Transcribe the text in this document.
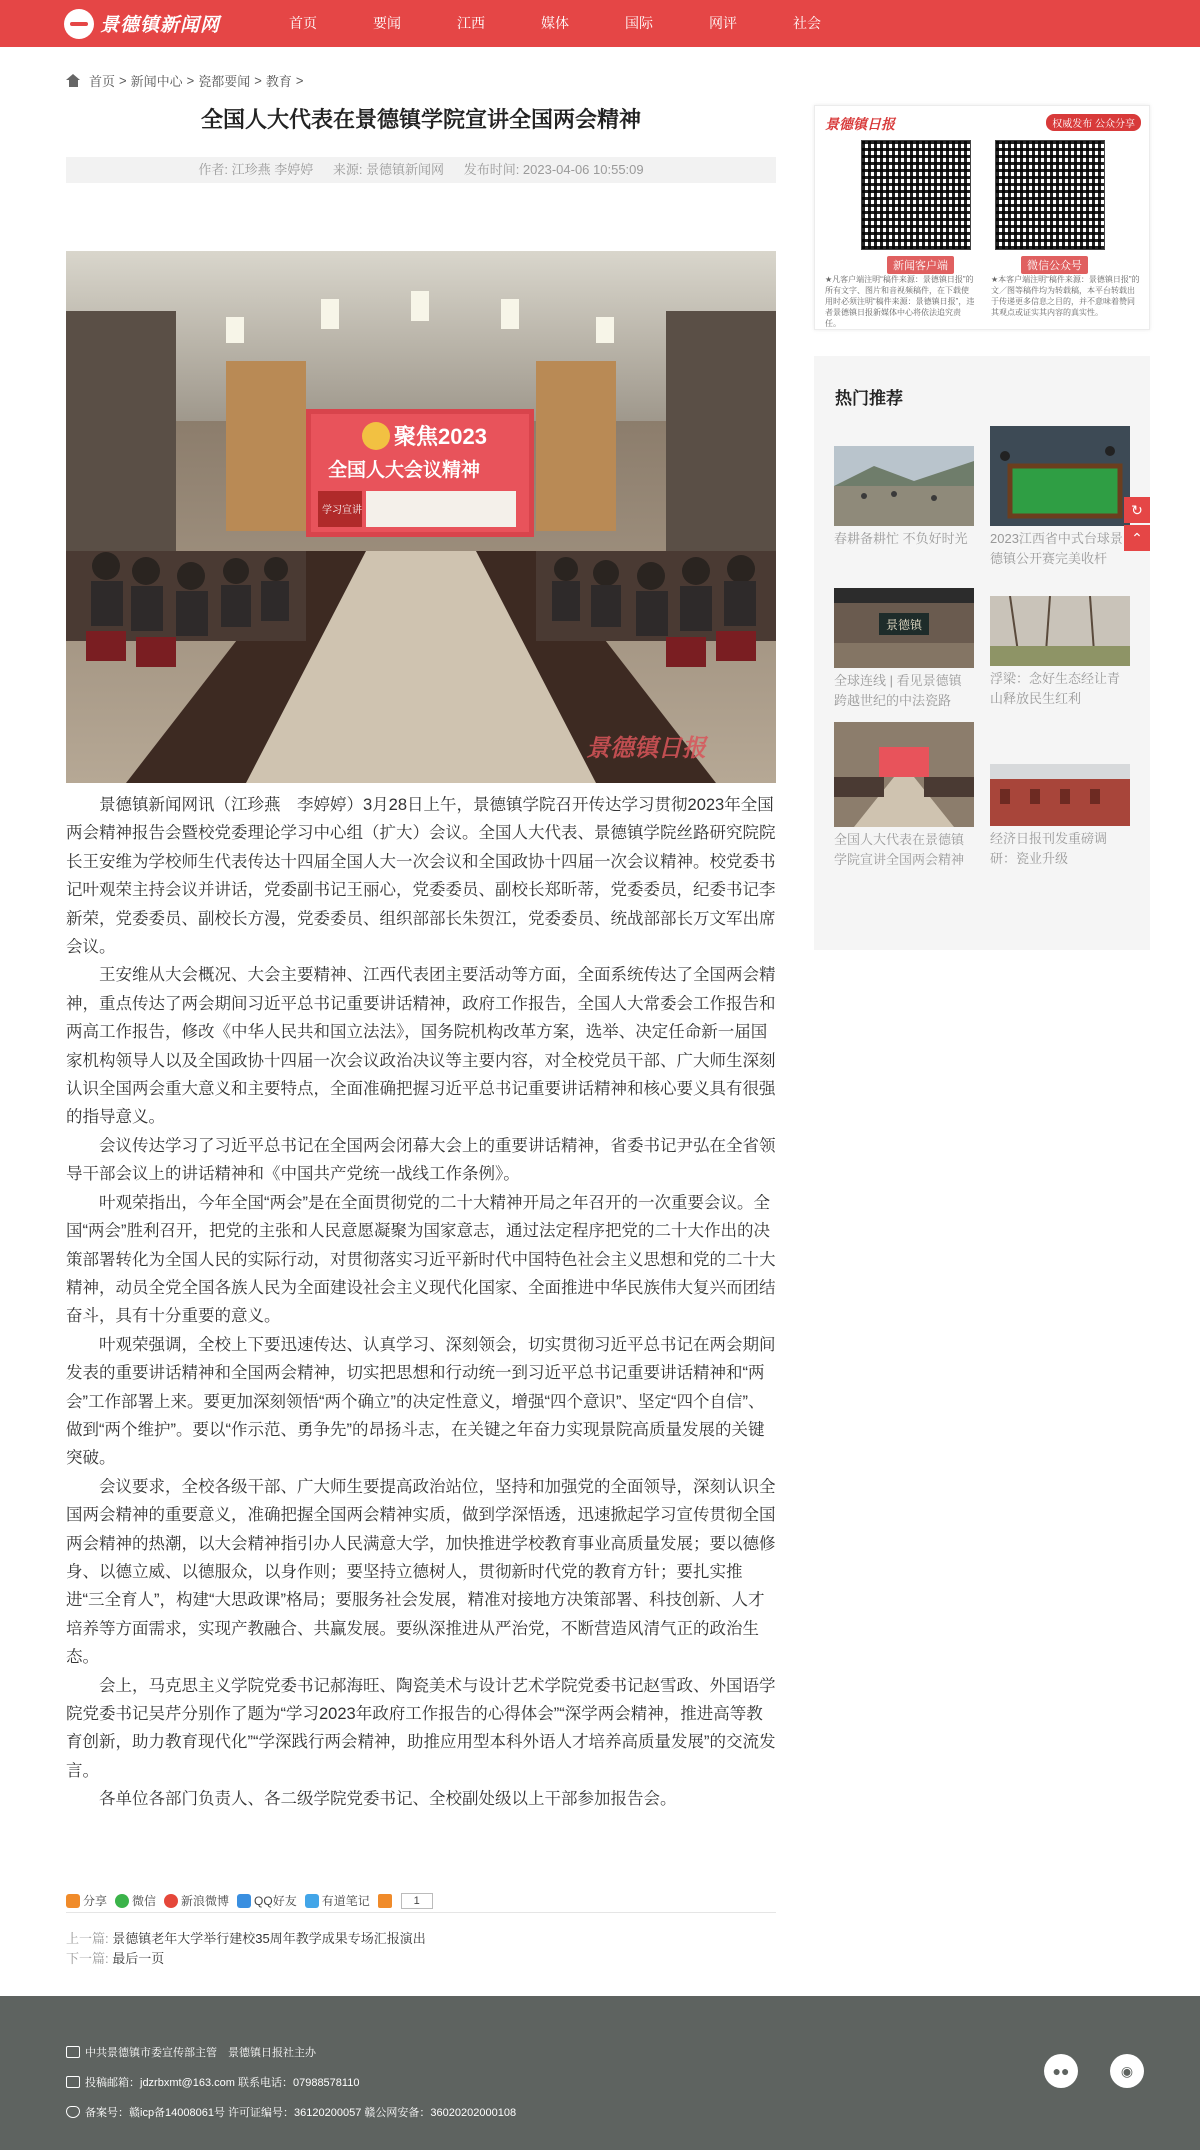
景德镇新闻网	首页	要闻	江西	媒体	国际	网评	社会
首页 > 新闻中心 > 瓷都要闻 > 教育 >
全国人大代表在景德镇学院宣讲全国两会精神
作者: 江珍燕 李婷婷 来源: 景德镇新闻网 发布时间: 2023-04-06 10:55:09
聚焦2023
全国人大会议精神
学习宣讲
景德镇日报

景德镇新闻网讯（江珍燕　李婷婷）3月28日上午，景德镇学院召开传达学习贯彻2023年全国两会精神报告会暨校党委理论学习中心组（扩大）会议。全国人大代表、景德镇学院丝路研究院院长王安维为学校师生代表传达十四届全国人大一次会议和全国政协十四届一次会议精神。校党委书记叶观荣主持会议并讲话，党委副书记王丽心，党委委员、副校长郑昕蒂，党委委员，纪委书记李新荣，党委委员、副校长方漫，党委委员、组织部部长朱贺江，党委委员、统战部部长万文军出席会议。

王安维从大会概况、大会主要精神、江西代表团主要活动等方面，全面系统传达了全国两会精神，重点传达了两会期间习近平总书记重要讲话精神，政府工作报告，全国人大常委会工作报告和两高工作报告，修改《中华人民共和国立法法》，国务院机构改革方案，选举、决定任命新一届国家机构领导人以及全国政协十四届一次会议政治决议等主要内容，对全校党员干部、广大师生深刻认识全国两会重大意义和主要特点，全面准确把握习近平总书记重要讲话精神和核心要义具有很强的指导意义。

会议传达学习了习近平总书记在全国两会闭幕大会上的重要讲话精神，省委书记尹弘在全省领导干部会议上的讲话精神和《中国共产党统一战线工作条例》。

叶观荣指出，今年全国“两会”是在全面贯彻党的二十大精神开局之年召开的一次重要会议。全国“两会”胜利召开，把党的主张和人民意愿凝聚为国家意志，通过法定程序把党的二十大作出的决策部署转化为全国人民的实际行动，对贯彻落实习近平新时代中国特色社会主义思想和党的二十大精神，动员全党全国各族人民为全面建设社会主义现代化国家、全面推进中华民族伟大复兴而团结奋斗，具有十分重要的意义。

叶观荣强调，全校上下要迅速传达、认真学习、深刻领会，切实贯彻习近平总书记在两会期间发表的重要讲话精神和全国两会精神，切实把思想和行动统一到习近平总书记重要讲话精神和“两会”工作部署上来。要更加深刻领悟“两个确立”的决定性意义，增强“四个意识”、坚定“四个自信”、做到“两个维护”。要以“作示范、勇争先”的昂扬斗志，在关键之年奋力实现景院高质量发展的关键突破。

会议要求，全校各级干部、广大师生要提高政治站位，坚持和加强党的全面领导，深刻认识全国两会精神的重要意义，准确把握全国两会精神实质，做到学深悟透，迅速掀起学习宣传贯彻全国两会精神的热潮，以大会精神指引办人民满意大学，加快推进学校教育事业高质量发展；要以德修身、以德立威、以德服众，以身作则；要坚持立德树人，贯彻新时代党的教育方针；要扎实推进“三全育人”，构建“大思政课”格局；要服务社会发展，精准对接地方决策部署、科技创新、人才培养等方面需求，实现产教融合、共赢发展。要纵深推进从严治党，不断营造风清气正的政治生态。

会上，马克思主义学院党委书记郝海旺、陶瓷美术与设计艺术学院党委书记赵雪政、外国语学院党委书记吴芹分别作了题为“学习2023年政府工作报告的心得体会”“深学两会精神，推进高等教育创新，助力教育现代化”“学深践行两会精神，助推应用型本科外语人才培养高质量发展”的交流发言。

各单位各部门负责人、各二级学院党委书记、全校副处级以上干部参加报告会。

分享 微信 新浪微博 QQ好友 有道笔记	1
上一篇: 景德镇老年大学举行建校35周年教学成果专场汇报演出
下一篇: 最后一页
景德镇日报	权威发布 公众分享
新闻客户端	微信公众号
★凡客户端注明“稿件来源：景德镇日报”的所有文字、图片和音视频稿件，在下载使用时必须注明“稿件来源：景德镇日报”，违者景德镇日报新媒体中心将依法追究责任。
★本客户端注明“稿件来源：景德镇日报”的文／图等稿件均为转载稿，本平台转载出于传递更多信息之目的，并不意味着赞同其观点或证实其内容的真实性。
热门推荐
春耕备耕忙 不负好时光	2023江西省中式台球景德镇公开赛完美收杆
景德镇
全球连线 | 看见景德镇 跨越世纪的中法瓷路
浮梁：念好生态经让青山释放民生红利
全国人大代表在景德镇学院宣讲全国两会精神
经济日报刊发重磅调研：瓷业升级
↻
⌃
中共景德镇市委宣传部主管　景德镇日报社主办
投稿邮箱：jdzrbxmt@163.com 联系电话：07988578110
备案号：赣icp备14008061号 许可证编号：36120200057 赣公网安备：36020202000108
●●	◉
